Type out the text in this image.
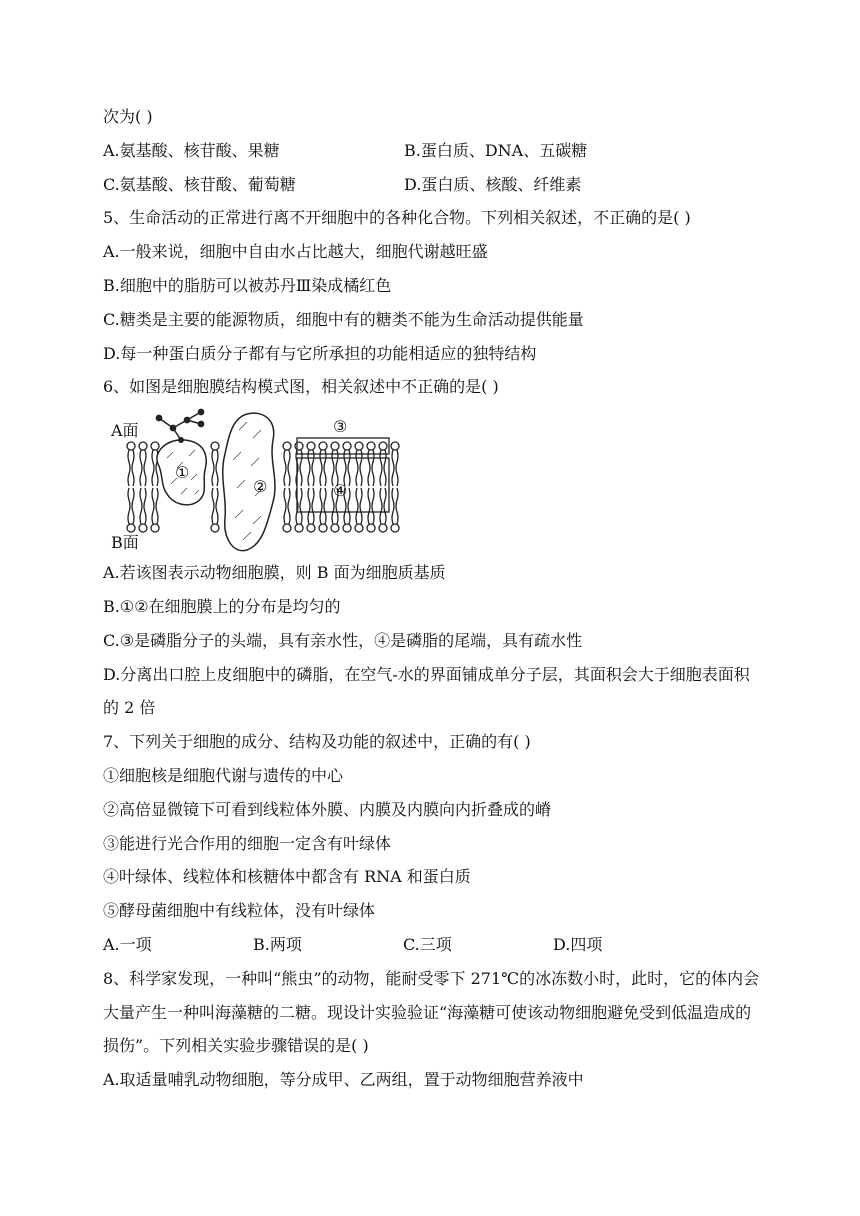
次为( )
A.氨基酸、核苷酸、果糖	B.蛋白质、DNA、五碳糖
C.氨基酸、核苷酸、葡萄糖	D.蛋白质、核酸、纤维素
5、生命活动的正常进行离不开细胞中的各种化合物。下列相关叙述，不正确的是( )
A.一般来说，细胞中自由水占比越大，细胞代谢越旺盛
B.细胞中的脂肪可以被苏丹Ⅲ染成橘红色
C.糖类是主要的能源物质，细胞中有的糖类不能为生命活动提供能量
D.每一种蛋白质分子都有与它所承担的功能相适应的独特结构
6、如图是细胞膜结构模式图，相关叙述中不正确的是( )
A面
B面
①
②
③
④
A.若该图表示动物细胞膜，则 B 面为细胞质基质
B.①②在细胞膜上的分布是均匀的
C.③是磷脂分子的头端，具有亲水性，④是磷脂的尾端，具有疏水性
D.分离出口腔上皮细胞中的磷脂，在空气-水的界面铺成单分子层，其面积会大于细胞表面积的 2 倍
7、下列关于细胞的成分、结构及功能的叙述中，正确的有( )
①细胞核是细胞代谢与遗传的中心
②高倍显微镜下可看到线粒体外膜、内膜及内膜向内折叠成的嵴
③能进行光合作用的细胞一定含有叶绿体
④叶绿体、线粒体和核糖体中都含有 RNA 和蛋白质
⑤酵母菌细胞中有线粒体，没有叶绿体
A.一项	B.两项	C.三项	D.四项
8、科学家发现，一种叫“熊虫”的动物，能耐受零下 271℃的冰冻数小时，此时，它的体内会大量产生一种叫海藻糖的二糖。现设计实验验证“海藻糖可使该动物细胞避免受到低温造成的损伤”。下列相关实验步骤错误的是( )
A.取适量哺乳动物细胞，等分成甲、乙两组，置于动物细胞营养液中
